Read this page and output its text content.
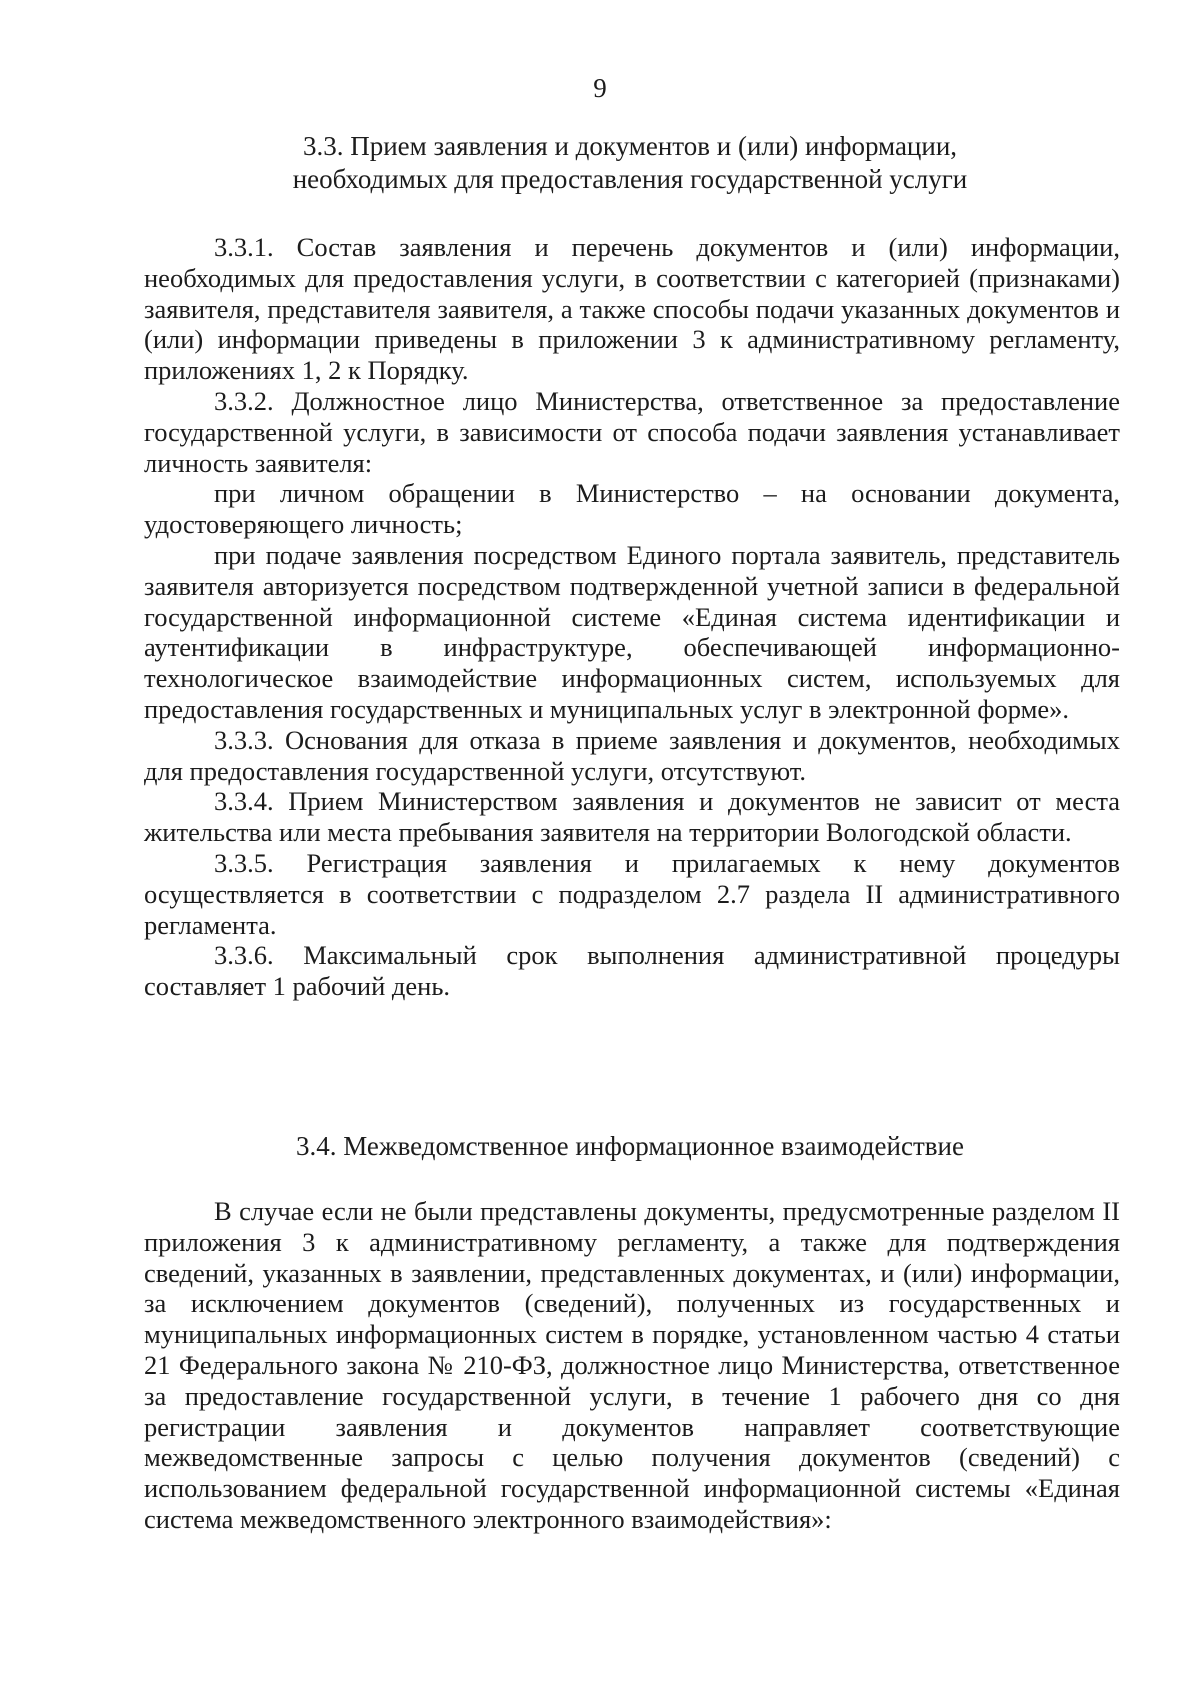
9
3.3. Прием заявления и документов и (или) информации,
необходимых для предоставления государственной услуги

3.3.1. Состав заявления и перечень документов и (или) информации, необходимых для предоставления услуги, в соответствии с категорией (признаками) заявителя, представителя заявителя, а также способы подачи указанных документов и (или) информации приведены в приложении 3 к административному регламенту, приложениях 1, 2 к Порядку.

3.3.2. Должностное лицо Министерства, ответственное за предоставление государственной услуги, в зависимости от способа подачи заявления устанавливает личность заявителя:

при личном обращении в Министерство – на основании документа, удостоверяющего личность;

при подаче заявления посредством Единого портала заявитель, представитель заявителя авторизуется посредством подтвержденной учетной записи в федеральной государственной информационной системе «Единая система идентификации и аутентификации в инфраструктуре, обеспечивающей информационно-технологическое взаимодействие информационных систем, используемых для предоставления государственных и муниципальных услуг в электронной форме».

3.3.3. Основания для отказа в приеме заявления и документов, необходимых для предоставления государственной услуги, отсутствуют.

3.3.4. Прием Министерством заявления и документов не зависит от места жительства или места пребывания заявителя на территории Вологодской области.

3.3.5. Регистрация заявления и прилагаемых к нему документов осуществляется в соответствии с подразделом 2.7 раздела II административного регламента.

3.3.6. Максимальный срок выполнения административной процедуры составляет 1 рабочий день.

3.4. Межведомственное информационное взаимодействие

В случае если не были представлены документы, предусмотренные разделом II приложения 3 к административному регламенту, а также для подтверждения сведений, указанных в заявлении, представленных документах, и (или) информации, за исключением документов (сведений), полученных из государственных и муниципальных информационных систем в порядке, установленном частью 4 статьи 21 Федерального закона № 210-ФЗ, должностное лицо Министерства, ответственное за предоставление государственной услуги, в течение 1 рабочего дня со дня регистрации заявления и документов направляет соответствующие межведомственные запросы с целью получения документов (сведений) с использованием федеральной государственной информационной системы «Единая система межведомственного электронного взаимодействия»:
